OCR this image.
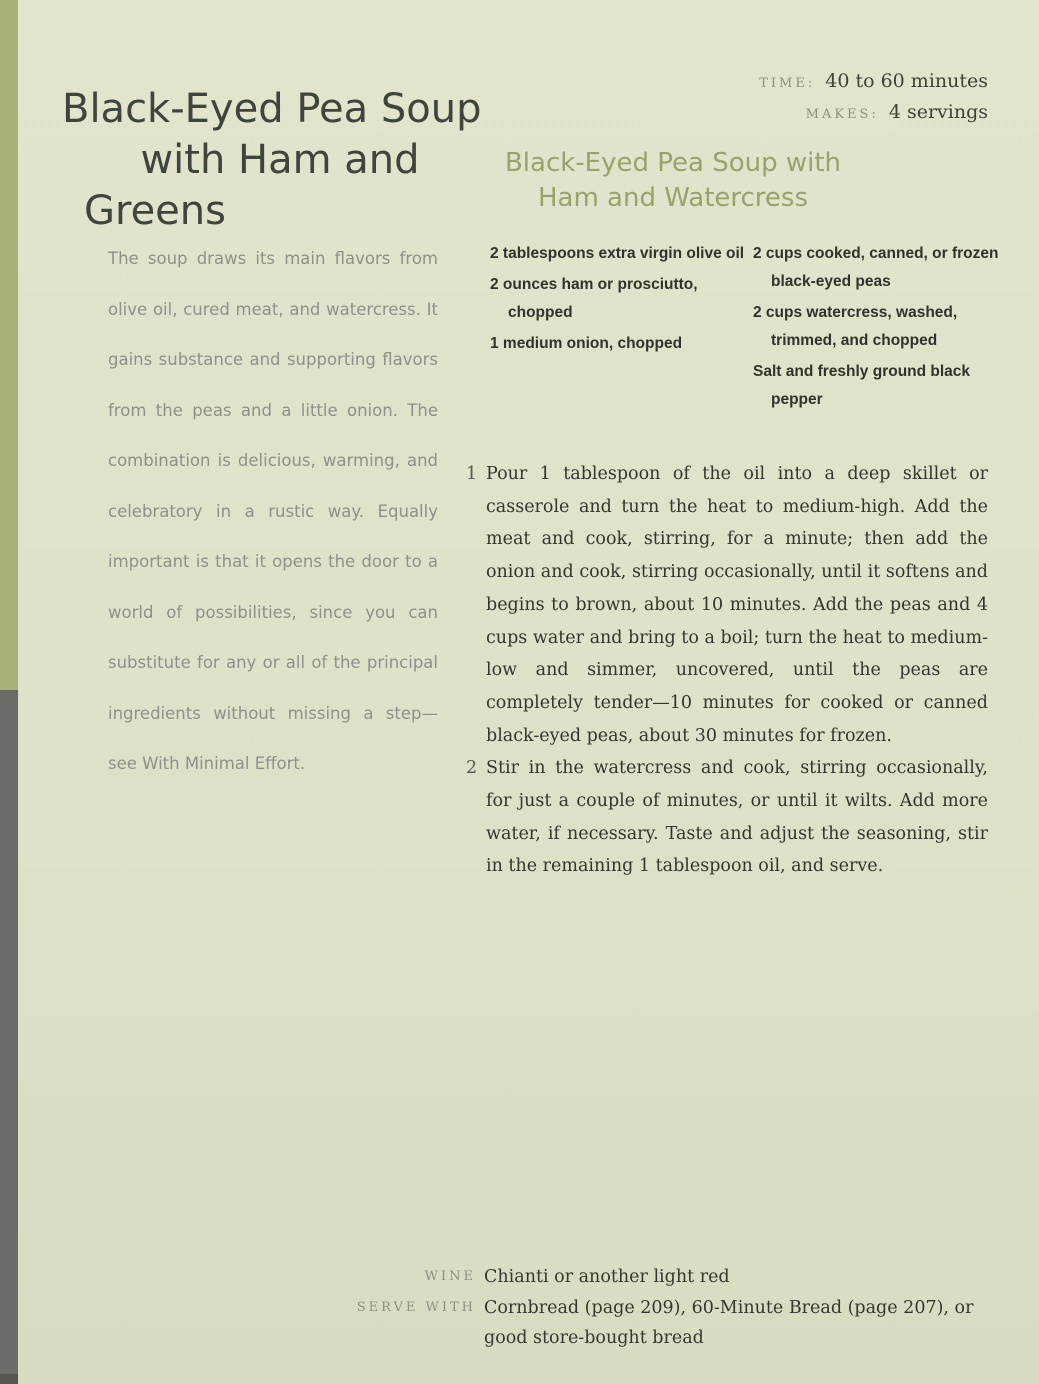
Black-Eyed Pea Soup
with Ham and
Greens

The soup draws its main flavors from olive oil, cured meat, and watercress. It gains substance and supporting flavors from the peas and a little onion. The combination is delicious, warming, and celebratory in a rustic way. Equally important is that it opens the door to a world of possibilities, since you can substitute for any or all of the principal ingredients without missing a step—see With Minimal Effort.

TIME: 40 to 60 minutes
MAKES: 4 servings
Black-Eyed Pea Soup with
Ham and Watercress
2 tablespoons extra virgin olive oil
2 ounces ham or prosciutto, chopped
1 medium onion, chopped
2 cups cooked, canned, or frozen black-eyed peas
2 cups watercress, washed, trimmed, and chopped
Salt and freshly ground black pepper
1 Pour 1 tablespoon of the oil into a deep skillet or casserole and turn the heat to medium-high. Add the meat and cook, stirring, for a minute; then add the onion and cook, stirring occasionally, until it softens and begins to brown, about 10 minutes. Add the peas and 4 cups water and bring to a boil; turn the heat to medium-low and simmer, uncovered, until the peas are completely tender—10 minutes for cooked or canned black-eyed peas, about 30 minutes for frozen.
2 Stir in the watercress and cook, stirring occasionally, for just a couple of minutes, or until it wilts. Add more water, if necessary. Taste and adjust the seasoning, stir in the remaining 1 tablespoon oil, and serve.
WINE Chianti or another light red
SERVE WITH Cornbread (page 209), 60-Minute Bread (page 207), or good store-bought bread
